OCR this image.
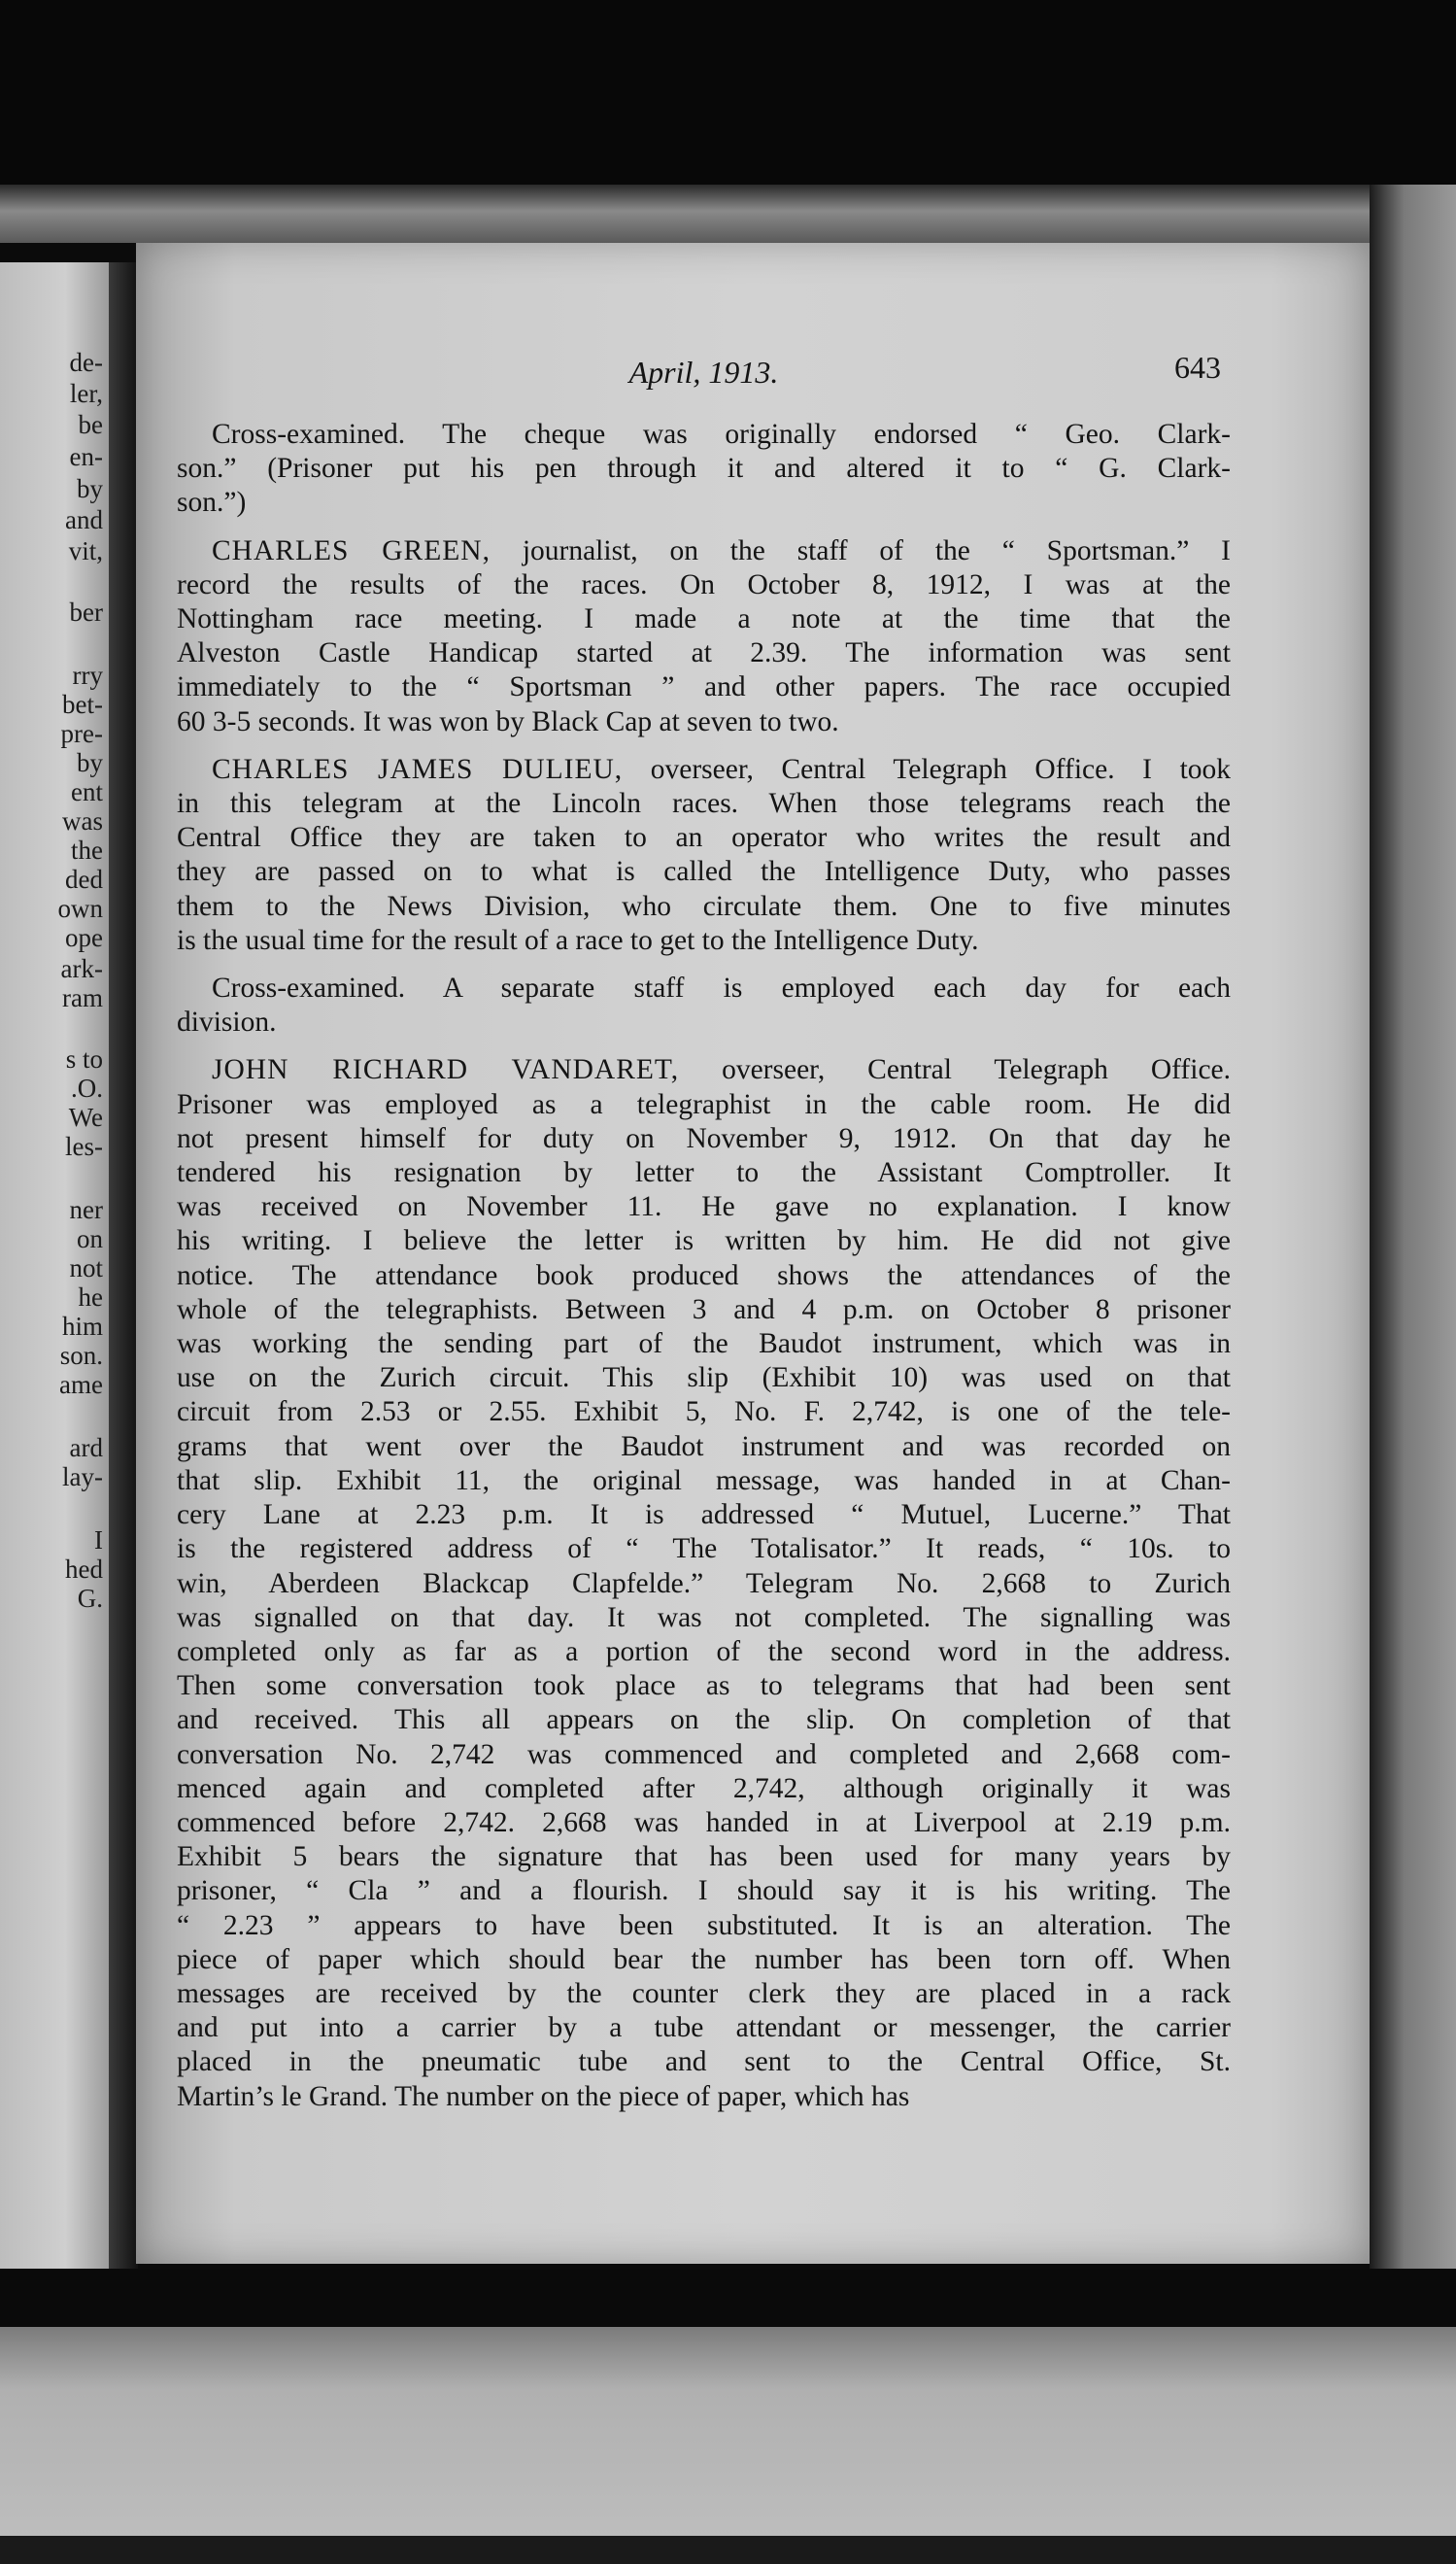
de-
ler,
be
en-
by
and
vit,
ber
rry
bet-
pre-
by
ent
was
the
ded
own
ope
ark-
ram
s to
.O.
We
les-
ner
on
not
he
him
son.
ame
ard
lay-
I
hed
G.
April, 1913.	643
Cross-examined. The cheque was originally endorsed “ Geo. Clark-
son.” (Prisoner put his pen through it and altered it to “ G. Clark-
son.”)
CHARLES GREEN, journalist, on the staff of the “ Sportsman.” I
record the results of the races. On October 8, 1912, I was at the
Nottingham race meeting. I made a note at the time that the
Alveston Castle Handicap started at 2.39. The information was sent
immediately to the “ Sportsman ” and other papers. The race occupied
60 3-5 seconds. It was won by Black Cap at seven to two.
CHARLES JAMES DULIEU, overseer, Central Telegraph Office. I took
in this telegram at the Lincoln races. When those telegrams reach the
Central Office they are taken to an operator who writes the result and
they are passed on to what is called the Intelligence Duty, who passes
them to the News Division, who circulate them. One to five minutes
is the usual time for the result of a race to get to the Intelligence Duty.
Cross-examined. A separate staff is employed each day for each
division.
JOHN RICHARD VANDARET, overseer, Central Telegraph Office.
Prisoner was employed as a telegraphist in the cable room. He did
not present himself for duty on November 9, 1912. On that day he
tendered his resignation by letter to the Assistant Comptroller. It
was received on November 11. He gave no explanation. I know
his writing. I believe the letter is written by him. He did not give
notice. The attendance book produced shows the attendances of the
whole of the telegraphists. Between 3 and 4 p.m. on October 8 prisoner
was working the sending part of the Baudot instrument, which was in
use on the Zurich circuit. This slip (Exhibit 10) was used on that
circuit from 2.53 or 2.55. Exhibit 5, No. F. 2,742, is one of the tele-
grams that went over the Baudot instrument and was recorded on
that slip. Exhibit 11, the original message, was handed in at Chan-
cery Lane at 2.23 p.m. It is addressed “ Mutuel, Lucerne.” That
is the registered address of “ The Totalisator.” It reads, “ 10s. to
win, Aberdeen Blackcap Clapfelde.” Telegram No. 2,668 to Zurich
was signalled on that day. It was not completed. The signalling was
completed only as far as a portion of the second word in the address.
Then some conversation took place as to telegrams that had been sent
and received. This all appears on the slip. On completion of that
conversation No. 2,742 was commenced and completed and 2,668 com-
menced again and completed after 2,742, although originally it was
commenced before 2,742. 2,668 was handed in at Liverpool at 2.19 p.m.
Exhibit 5 bears the signature that has been used for many years by
prisoner, “ Cla ” and a flourish. I should say it is his writing. The
“ 2.23 ” appears to have been substituted. It is an alteration. The
piece of paper which should bear the number has been torn off. When
messages are received by the counter clerk they are placed in a rack
and put into a carrier by a tube attendant or messenger, the carrier
placed in the pneumatic tube and sent to the Central Office, St.
Martin’s le Grand. The number on the piece of paper, which has
